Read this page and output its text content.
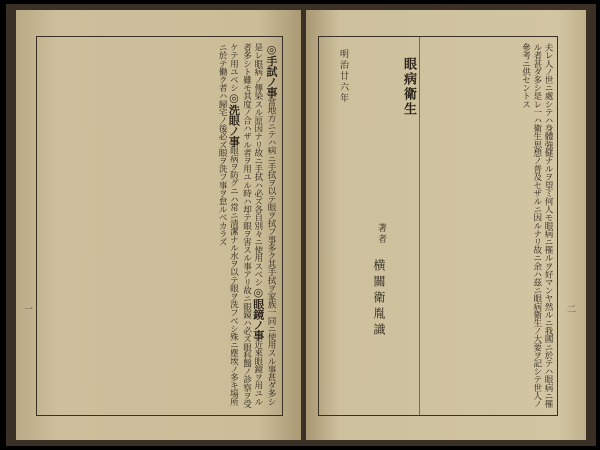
◎手試ノ事當地方ニテハ病ニ手拭ヲ以テ眼ヲ拭フ事多ク其手拭ヲ家族一同ニ使用スル事甚ダ多シ是レ眼病ノ傳染スル原因ナリ故ニ手拭ハ必ズ各自別々ニ使用スベシ◎眼鏡ノ事近來眼鏡ヲ用ユル者多シト雖モ其度ノ合ハザル者ヲ用ユル時ハ却テ眼ヲ害スル事アリ故ニ眼鏡ハ必ズ眼科醫ノ診察ヲ受ケテ用ユベシ◎洗眼ノ事眼病ヲ防グニハ常ニ清潔ナル水ヲ以テ眼ヲ洗フベシ殊ニ塵埃ノ多キ場所ニ於テ働ク者ハ歸宅ノ後必ズ眼ヲ洗フ事ヲ怠ルベカラズ
一	夫レ人ノ世ニ處シテハ身體強健ナルヲ望ミ何人モ眼病ニ罹ルヲ好マンヤ然ルニ我國ニ於テハ眼病ニ罹ル者甚ダ多シ是レ一ハ衛生思想ノ普及セザルニ因ルナリ故ニ余ハ茲ニ眼病衛生ノ大要ヲ記シテ世人ノ參考ニ供セントス
眼病衛生
明治廿六年
著者
横關衛胤識	二
